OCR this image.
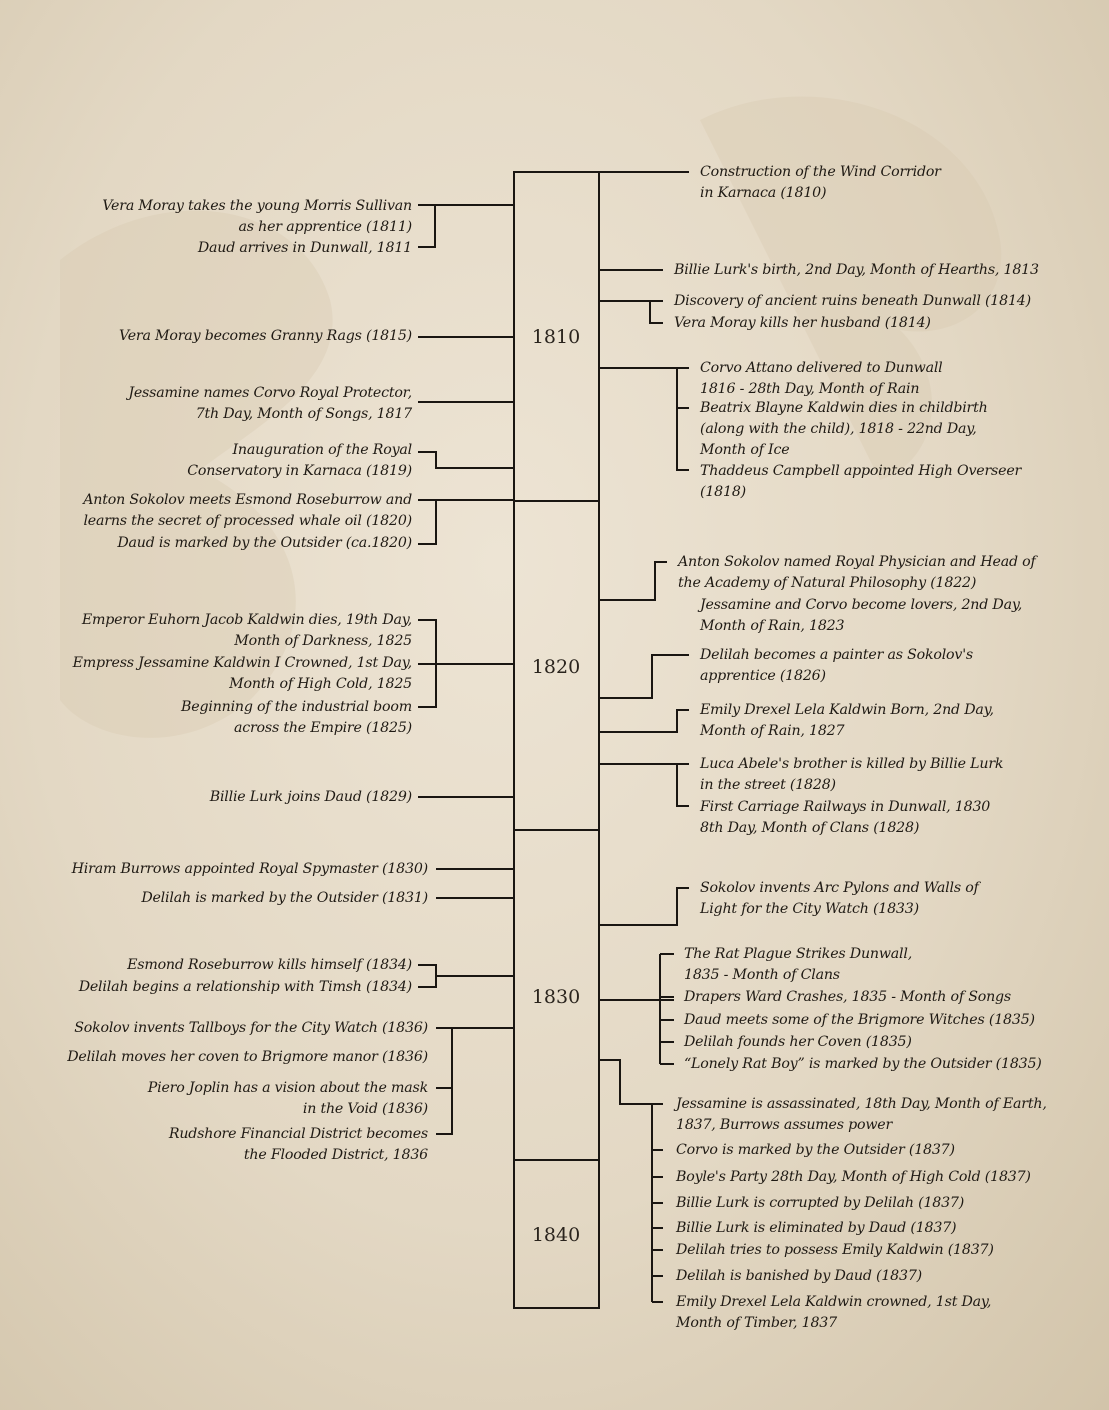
1810
1820
1830
1840
Vera Moray takes the young Morris Sullivan
as her apprentice (1811)
Daud arrives in Dunwall, 1811
Vera Moray becomes Granny Rags (1815)
Jessamine names Corvo Royal Protector,
7th Day, Month of Songs, 1817
Inauguration of the Royal
Conservatory in Karnaca (1819)
Anton Sokolov meets Esmond Roseburrow and
learns the secret of processed whale oil (1820)
Daud is marked by the Outsider (ca.1820)
Emperor Euhorn Jacob Kaldwin dies, 19th Day,
Month of Darkness, 1825
Empress Jessamine Kaldwin I Crowned, 1st Day,
Month of High Cold, 1825
Beginning of the industrial boom
across the Empire (1825)
Billie Lurk joins Daud (1829)
Hiram Burrows appointed Royal Spymaster (1830)
Delilah is marked by the Outsider (1831)
Esmond Roseburrow kills himself (1834)
Delilah begins a relationship with Timsh (1834)
Sokolov invents Tallboys for the City Watch (1836)
Delilah moves her coven to Brigmore manor (1836)
Piero Joplin has a vision about the mask
in the Void (1836)
Rudshore Financial District becomes
the Flooded District, 1836
Construction of the Wind Corridor
in Karnaca (1810)
Billie Lurk's birth, 2nd Day, Month of Hearths, 1813
Discovery of ancient ruins beneath Dunwall (1814)
Vera Moray kills her husband (1814)
Corvo Attano delivered to Dunwall
1816 - 28th Day, Month of Rain
Beatrix Blayne Kaldwin dies in childbirth
(along with the child), 1818 - 22nd Day,
Month of Ice
Thaddeus Campbell appointed High Overseer
(1818)
Anton Sokolov named Royal Physician and Head of
the Academy of Natural Philosophy (1822)
Jessamine and Corvo become lovers, 2nd Day,
Month of Rain, 1823
Delilah becomes a painter as Sokolov's
apprentice (1826)
Emily Drexel Lela Kaldwin Born, 2nd Day,
Month of Rain, 1827
Luca Abele's brother is killed by Billie Lurk
in the street (1828)
First Carriage Railways in Dunwall, 1830
8th Day, Month of Clans (1828)
Sokolov invents Arc Pylons and Walls of
Light for the City Watch (1833)
The Rat Plague Strikes Dunwall,
1835 - Month of Clans
Drapers Ward Crashes, 1835 - Month of Songs
Daud meets some of the Brigmore Witches (1835)
Delilah founds her Coven (1835)
“Lonely Rat Boy” is marked by the Outsider (1835)
Jessamine is assassinated, 18th Day, Month of Earth,
1837, Burrows assumes power
Corvo is marked by the Outsider (1837)
Boyle's Party 28th Day, Month of High Cold (1837)
Billie Lurk is corrupted by Delilah (1837)
Billie Lurk is eliminated by Daud (1837)
Delilah tries to possess Emily Kaldwin (1837)
Delilah is banished by Daud (1837)
Emily Drexel Lela Kaldwin crowned, 1st Day,
Month of Timber, 1837
